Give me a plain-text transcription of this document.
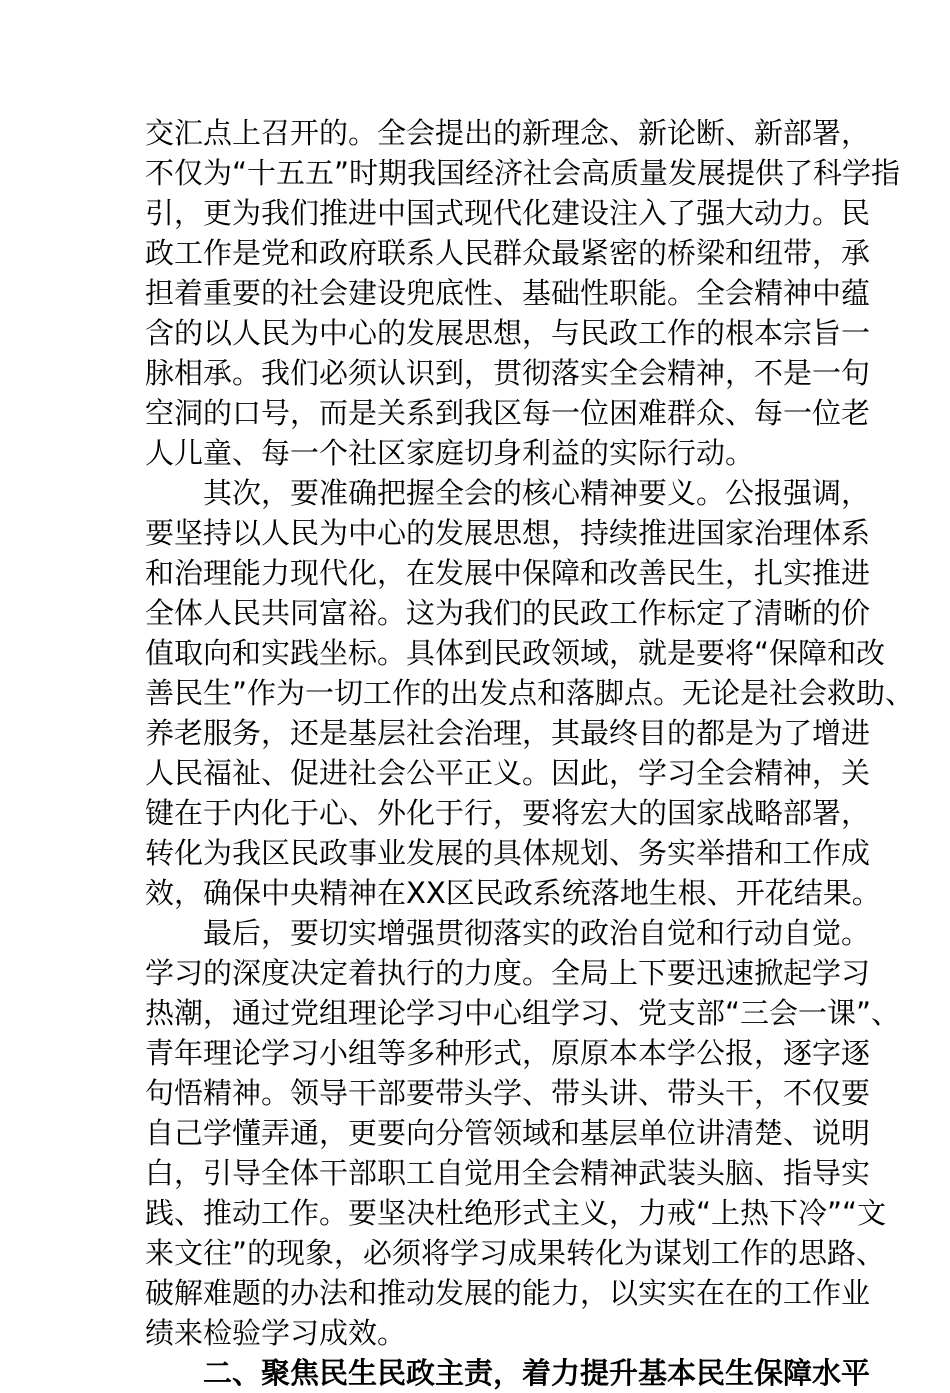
交汇点上召开的。全会提出的新理念、新论断、新部署，
不仅为“十五五”时期我国经济社会高质量发展提供了科学指
引，更为我们推进中国式现代化建设注入了强大动力。民
政工作是党和政府联系人民群众最紧密的桥梁和纽带，承
担着重要的社会建设兜底性、基础性职能。全会精神中蕴
含的以人民为中心的发展思想，与民政工作的根本宗旨一
脉相承。我们必须认识到，贯彻落实全会精神，不是一句
空洞的口号，而是关系到我区每一位困难群众、每一位老
人儿童、每一个社区家庭切身利益的实际行动。
其次，要准确把握全会的核心精神要义。公报强调，
要坚持以人民为中心的发展思想，持续推进国家治理体系
和治理能力现代化，在发展中保障和改善民生，扎实推进
全体人民共同富裕。这为我们的民政工作标定了清晰的价
值取向和实践坐标。具体到民政领域，就是要将“保障和改
善民生”作为一切工作的出发点和落脚点。无论是社会救助、
养老服务，还是基层社会治理，其最终目的都是为了增进
人民福祉、促进社会公平正义。因此，学习全会精神，关
键在于内化于心、外化于行，要将宏大的国家战略部署，
转化为我区民政事业发展的具体规划、务实举措和工作成
效，确保中央精神在XX区民政系统落地生根、开花结果。
最后，要切实增强贯彻落实的政治自觉和行动自觉。
学习的深度决定着执行的力度。全局上下要迅速掀起学习
热潮，通过党组理论学习中心组学习、党支部“三会一课”、
青年理论学习小组等多种形式，原原本本学公报，逐字逐
句悟精神。领导干部要带头学、带头讲、带头干，不仅要
自己学懂弄通，更要向分管领域和基层单位讲清楚、说明
白，引导全体干部职工自觉用全会精神武装头脑、指导实
践、推动工作。要坚决杜绝形式主义，力戒“上热下冷”“文
来文往”的现象，必须将学习成果转化为谋划工作的思路、
破解难题的办法和推动发展的能力，以实实在在的工作业
绩来检验学习成效。
二、聚焦民生民政主责，着力提升基本民生保障水平
